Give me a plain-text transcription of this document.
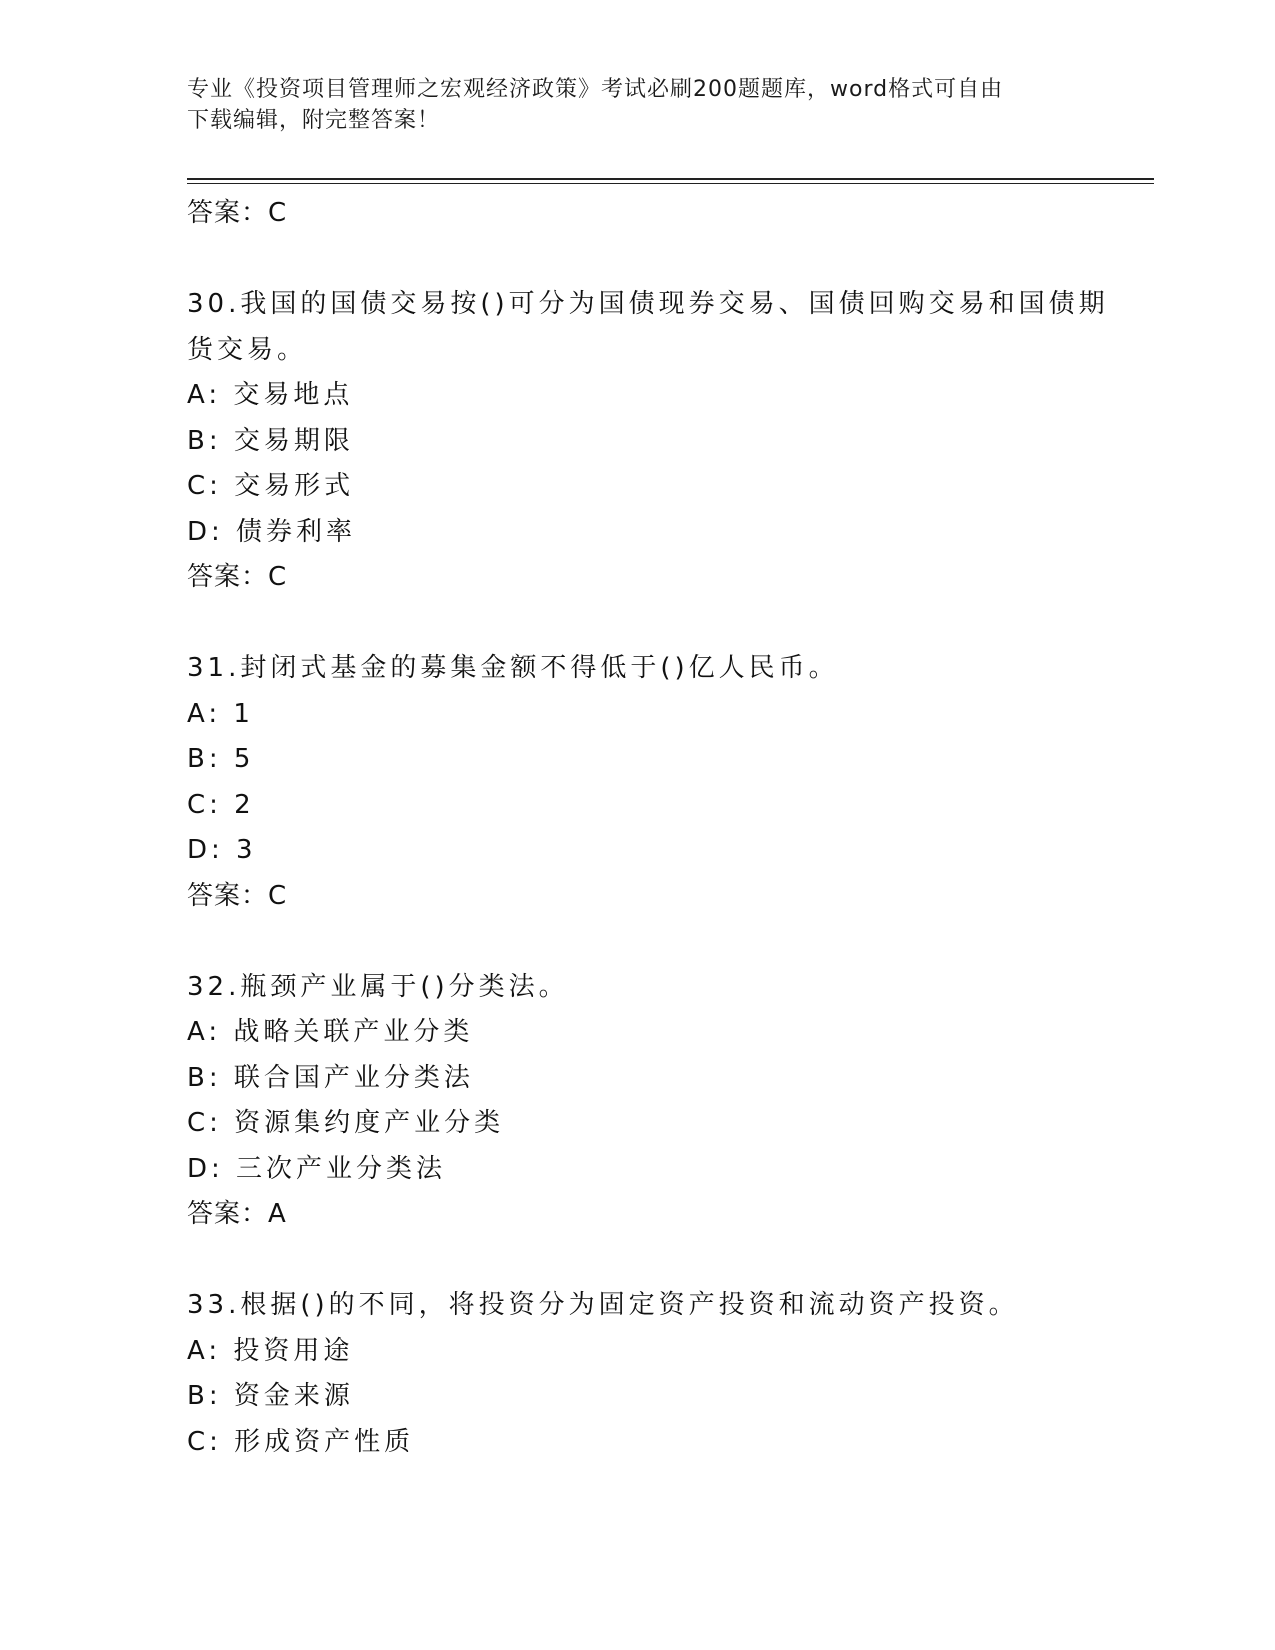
专业《投资项目管理师之宏观经济政策》考试必刷200题题库，word格式可自由
下载编辑，附完整答案！
答案：C
30.我国的国债交易按()可分为国债现券交易、国债回购交易和国债期
货交易。
A: 交易地点
B: 交易期限
C: 交易形式
D: 债券利率
答案：C
31.封闭式基金的募集金额不得低于()亿人民币。
A: 1
B: 5
C: 2
D: 3
答案：C
32.瓶颈产业属于()分类法。
A: 战略关联产业分类
B: 联合国产业分类法
C: 资源集约度产业分类
D: 三次产业分类法
答案：A
33.根据()的不同，将投资分为固定资产投资和流动资产投资。
A: 投资用途
B: 资金来源
C: 形成资产性质
